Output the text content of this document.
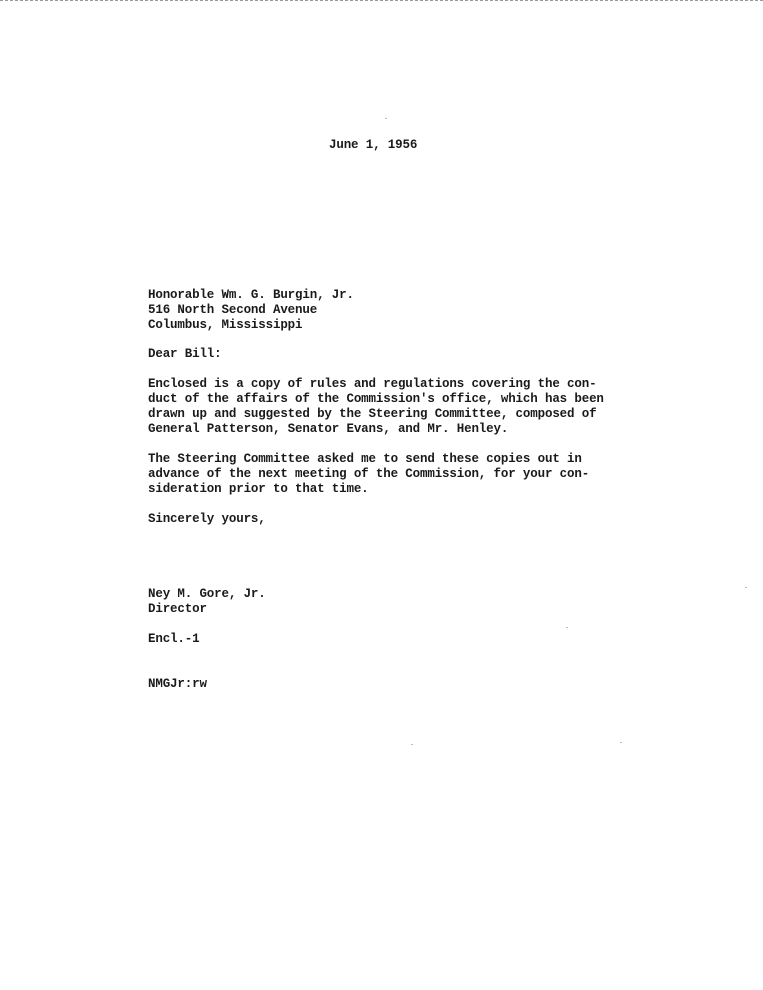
June 1, 1956
Honorable Wm. G. Burgin, Jr.
516 North Second Avenue
Columbus, Mississippi
Dear Bill:
Enclosed is a copy of rules and regulations covering the con-
duct of the affairs of the Commission's office, which has been
drawn up and suggested by the Steering Committee, composed of
General Patterson, Senator Evans, and Mr. Henley.
The Steering Committee asked me to send these copies out in
advance of the next meeting of the Commission, for your con-
sideration prior to that time.
Sincerely yours,
Ney M. Gore, Jr.
Director
Encl.-1
NMGJr:rw
